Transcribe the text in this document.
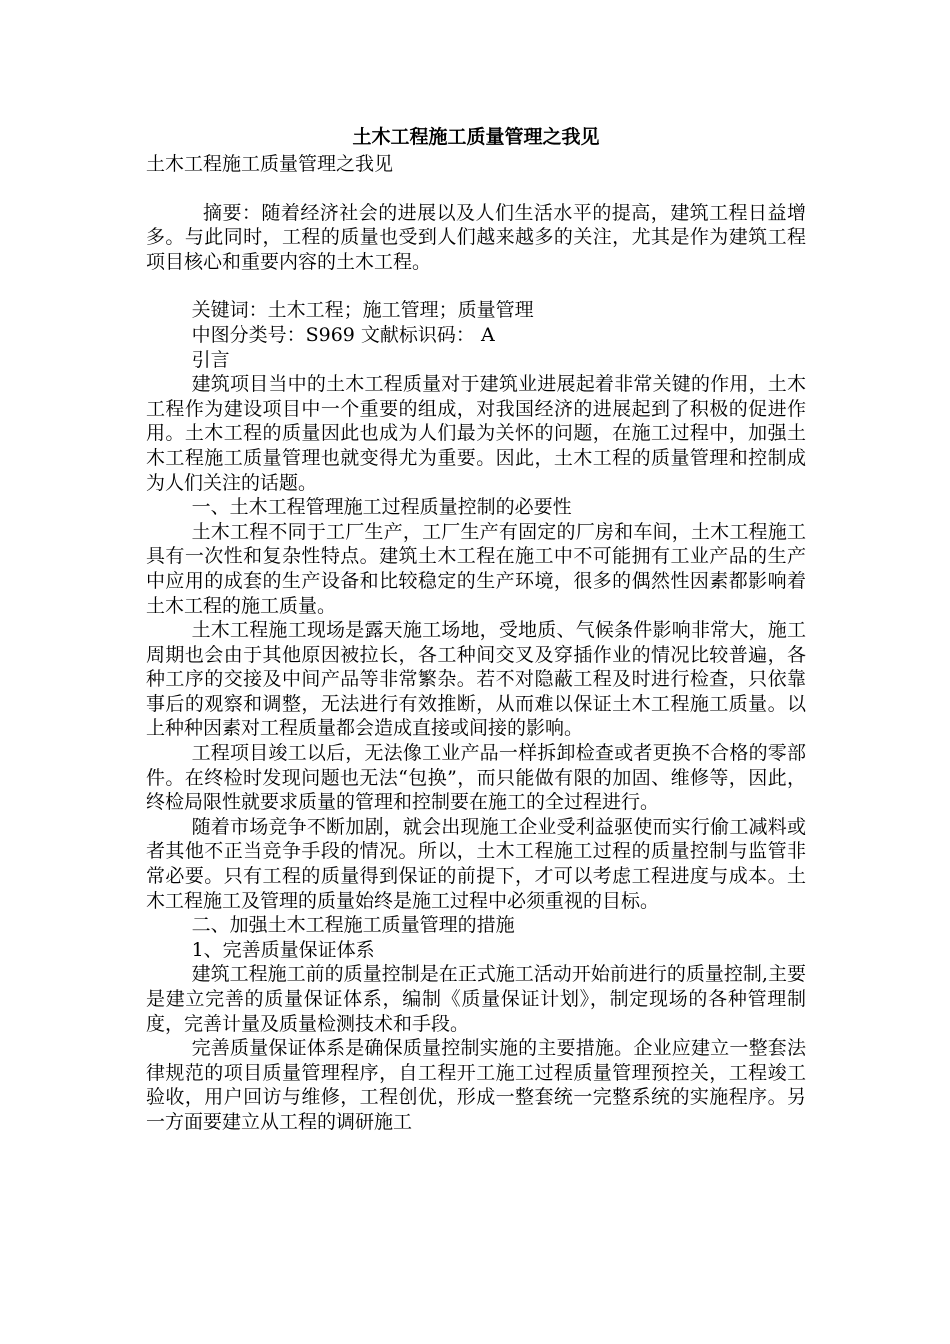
土木工程施工质量管理之我见

土木工程施工质量管理之我见

摘要：随着经济社会的进展以及人们生活水平的提高，建筑工程日益增多。与此同时，工程的质量也受到人们越来越多的关注，尤其是作为建筑工程项目核心和重要内容的土木工程。

关键词：土木工程；施工管理；质量管理

中图分类号：S969 文献标识码： A

引言

建筑项目当中的土木工程质量对于建筑业进展起着非常关键的作用，土木工程作为建设项目中一个重要的组成，对我国经济的进展起到了积极的促进作用。土木工程的质量因此也成为人们最为关怀的问题，在施工过程中，加强土木工程施工质量管理也就变得尤为重要。因此，土木工程的质量管理和控制成为人们关注的话题。

一、土木工程管理施工过程质量控制的必要性

土木工程不同于工厂生产，工厂生产有固定的厂房和车间，土木工程施工具有一次性和复杂性特点。建筑土木工程在施工中不可能拥有工业产品的生产中应用的成套的生产设备和比较稳定的生产环境，很多的偶然性因素都影响着土木工程的施工质量。

土木工程施工现场是露天施工场地，受地质、气候条件影响非常大，施工周期也会由于其他原因被拉长，各工种间交叉及穿插作业的情况比较普遍，各种工序的交接及中间产品等非常繁杂。若不对隐蔽工程及时进行检查，只依靠事后的观察和调整，无法进行有效推断，从而难以保证土木工程施工质量。以上种种因素对工程质量都会造成直接或间接的影响。

工程项目竣工以后，无法像工业产品一样拆卸检查或者更换不合格的零部件。在终检时发现问题也无法“包换”，而只能做有限的加固、维修等，因此，终检局限性就要求质量的管理和控制要在施工的全过程进行。

随着市场竞争不断加剧，就会出现施工企业受利益驱使而实行偷工减料或者其他不正当竞争手段的情况。所以，土木工程施工过程的质量控制与监管非常必要。只有工程的质量得到保证的前提下，才可以考虑工程进度与成本。土木工程施工及管理的质量始终是施工过程中必须重视的目标。

二、加强土木工程施工质量管理的措施

1、完善质量保证体系

建筑工程施工前的质量控制是在正式施工活动开始前进行的质量控制,主要是建立完善的质量保证体系，编制《质量保证计划》，制定现场的各种管理制度，完善计量及质量检测技术和手段。

完善质量保证体系是确保质量控制实施的主要措施。企业应建立一整套法律规范的项目质量管理程序，自工程开工施工过程质量管理预控关，工程竣工验收，用户回访与维修，工程创优，形成一整套统一完整系统的实施程序。另一方面要建立从工程的调研施工
